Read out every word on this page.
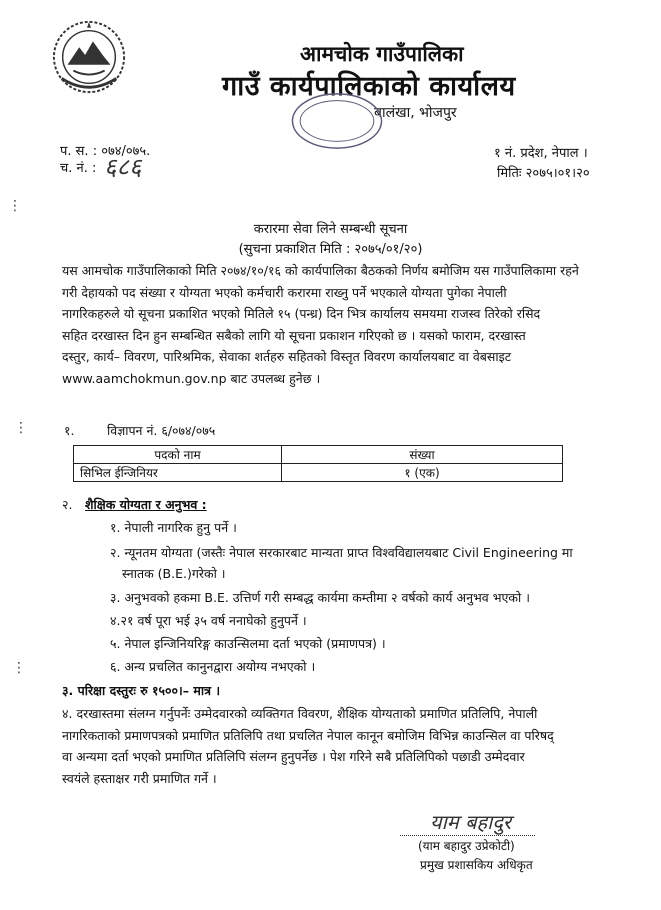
आमचोक गाउँपालिका
गाउँ कार्यपालिकाको कार्यालय
बालंखा, भोजपुर
प. स. : ०७४/०७५.
च. नं. : ६८६	१ नं. प्रदेश, नेपाल ।
मितिः २०७५।०१।२०
⋮
⋮
⋮
करारमा सेवा लिने सम्बन्धी सूचना
(सुचना प्रकाशित मिति : २०७५/०१/२०)
यस आमचोक गाउँपालिकाको मिति २०७४/१०/१६ को कार्यपालिका बैठकको निर्णय बमोजिम यस गाउँपालिकामा रहने
गरी देहायको पद संख्या र योग्यता भएको कर्मचारी करारमा राख्नु पर्ने भएकाले योग्यता पुगेका नेपाली
नागरिकहरुले यो सूचना प्रकाशित भएको मितिले १५ (पन्ध्र) दिन भित्र कार्यालय समयमा राजस्व तिरेको रसिद
सहित दरखास्त दिन हुन सम्बन्धित सबैको लागि यो सूचना प्रकाशन गरिएको छ । यसको फाराम, दरखास्त
दस्तुर, कार्य– विवरण, पारिश्रमिक, सेवाका शर्तहरु सहितको विस्तृत विवरण कार्यालयबाट वा वेबसाइट
www.aamchokmun.gov.np बाट उपलब्ध हुनेछ ।
१.	विज्ञापन नं. ६/०७४/०७५
पदको नाम	संख्या
सिभिल ईन्जिनियर	१ (एक)
२. शैक्षिक योग्यता र अनुभव :
१. नेपाली नागरिक हुनु पर्ने ।
२. न्यूनतम योग्यता (जस्तैः नेपाल सरकारबाट मान्यता प्राप्त विश्वविद्यालयबाट Civil Engineering मा
स्नातक (B.E.)गरेको ।
३. अनुभवको हकमा B.E. उत्तिर्ण गरी सम्बद्ध कार्यमा कम्तीमा २ वर्षको कार्य अनुभव भएको ।
४.२१ वर्ष पूरा भई ३५ वर्ष ननाघेको हुनुपर्ने ।
५. नेपाल इन्जिनियरिङ्ग काउन्सिलमा दर्ता भएको (प्रमाणपत्र) ।
६. अन्य प्रचलित कानुनद्वारा अयोग्य नभएको ।
३. परिक्षा दस्तुरः रु १५००।– मात्र ।
४. दरखास्तमा संलग्न गर्नुपर्नेः उम्मेदवारको व्यक्तिगत विवरण, शैक्षिक योग्यताको प्रमाणित प्रतिलिपि, नेपाली
नागरिकताको प्रमाणपत्रको प्रमाणित प्रतिलिपि तथा प्रचलित नेपाल कानून बमोजिम विभिन्न काउन्सिल वा परिषद्
वा अन्यमा दर्ता भएको प्रमाणित प्रतिलिपि संलग्न हुनुपर्नेछ । पेश गरिने सबै प्रतिलिपिको पछाडी उम्मेदवार
स्वयंले हस्ताक्षर गरी प्रमाणित गर्ने ।
याम बहादुर
(याम बहादुर उप्रेकोटी)
प्रमुख प्रशासकिय अधिकृत
